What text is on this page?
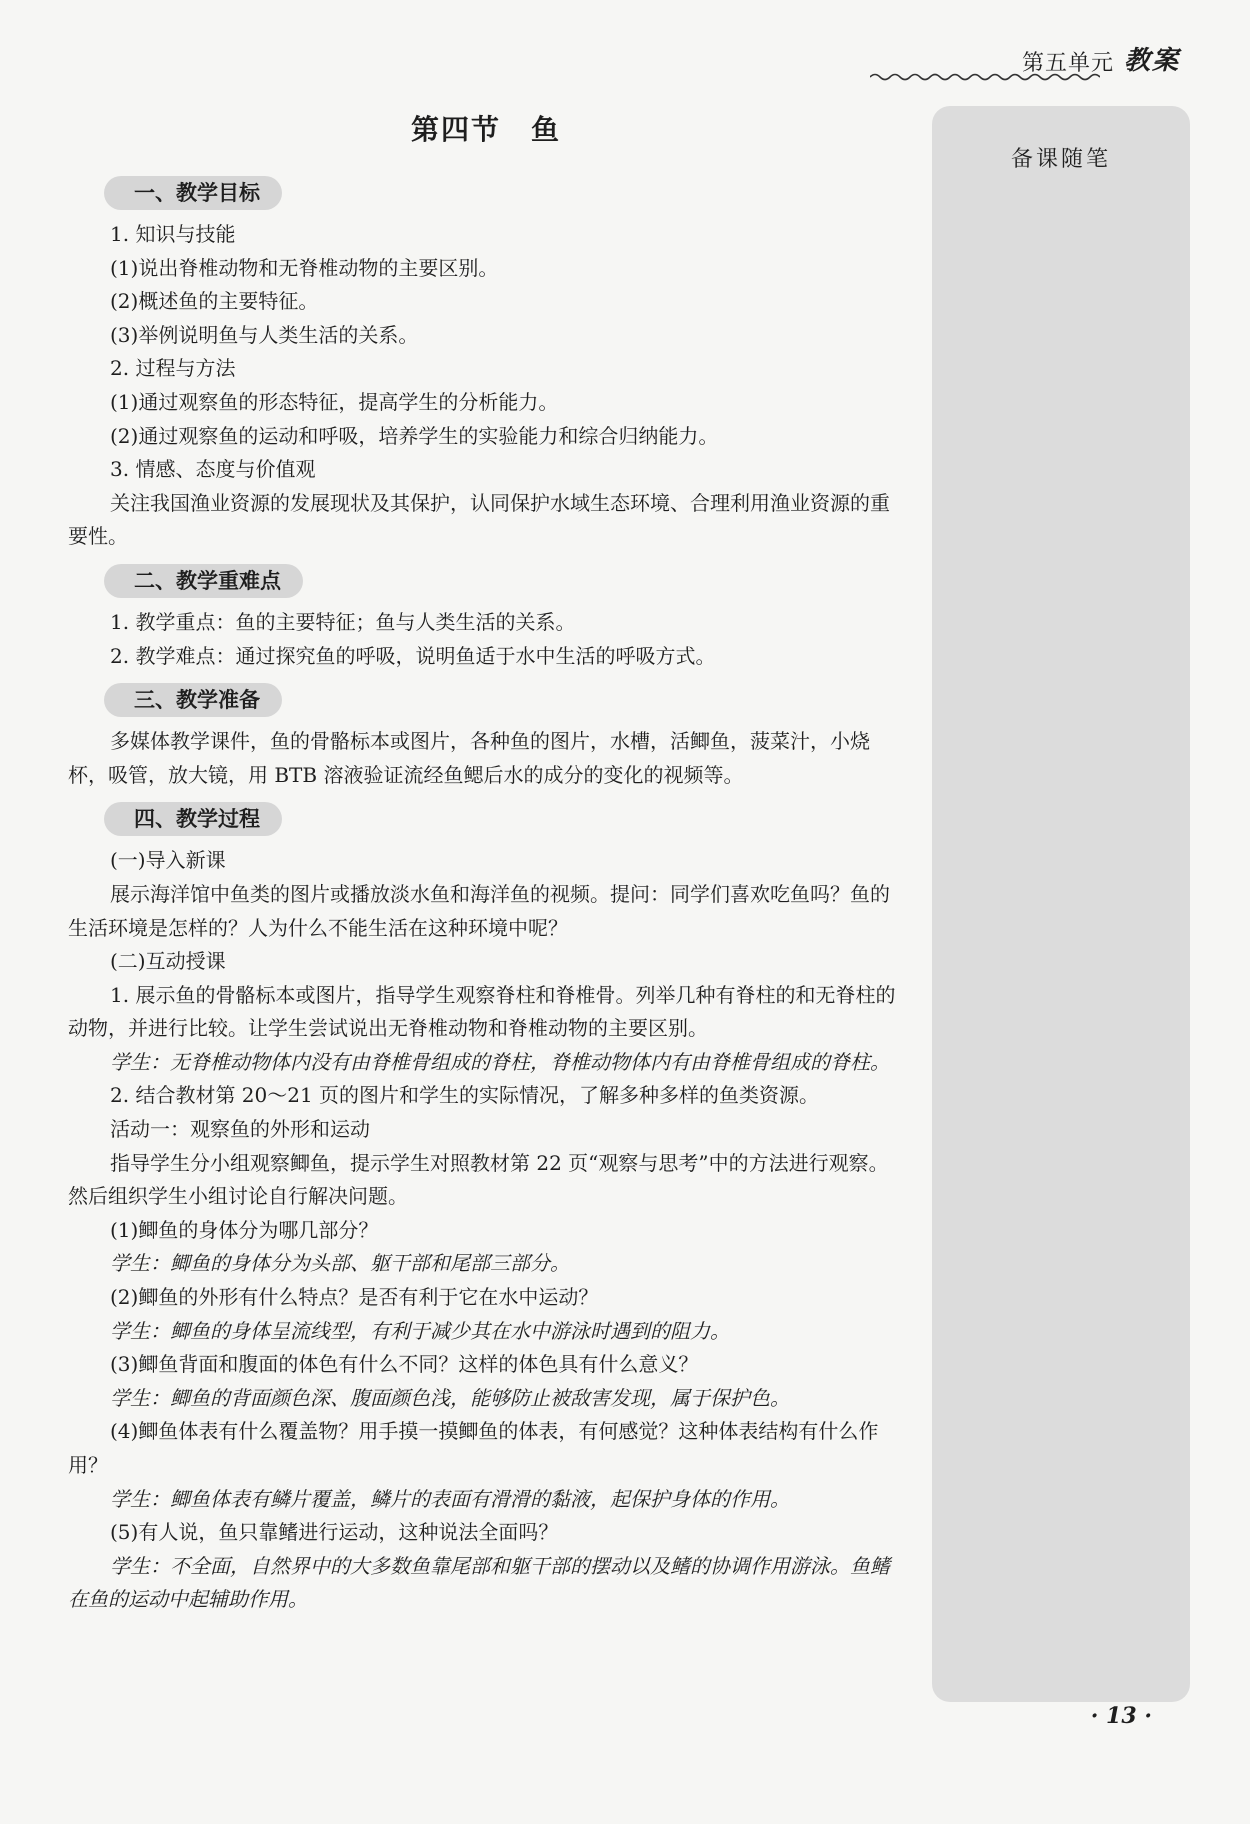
第五单元 教案
备课随笔
第四节　鱼
一、教学目标

1. 知识与技能

(1)说出脊椎动物和无脊椎动物的主要区别。

(2)概述鱼的主要特征。

(3)举例说明鱼与人类生活的关系。

2. 过程与方法

(1)通过观察鱼的形态特征，提高学生的分析能力。

(2)通过观察鱼的运动和呼吸，培养学生的实验能力和综合归纳能力。

3. 情感、态度与价值观

关注我国渔业资源的发展现状及其保护，认同保护水域生态环境、合理利用渔业资源的重要性。

二、教学重难点

1. 教学重点：鱼的主要特征；鱼与人类生活的关系。

2. 教学难点：通过探究鱼的呼吸，说明鱼适于水中生活的呼吸方式。

三、教学准备

多媒体教学课件，鱼的骨骼标本或图片，各种鱼的图片，水槽，活鲫鱼，菠菜汁，小烧杯，吸管，放大镜，用 BTB 溶液验证流经鱼鳃后水的成分的变化的视频等。

四、教学过程

(一)导入新课

展示海洋馆中鱼类的图片或播放淡水鱼和海洋鱼的视频。提问：同学们喜欢吃鱼吗？鱼的生活环境是怎样的？人为什么不能生活在这种环境中呢？

(二)互动授课

1. 展示鱼的骨骼标本或图片，指导学生观察脊柱和脊椎骨。列举几种有脊柱的和无脊柱的动物，并进行比较。让学生尝试说出无脊椎动物和脊椎动物的主要区别。

学生：无脊椎动物体内没有由脊椎骨组成的脊柱，脊椎动物体内有由脊椎骨组成的脊柱。

2. 结合教材第 20～21 页的图片和学生的实际情况，了解多种多样的鱼类资源。

活动一：观察鱼的外形和运动

指导学生分小组观察鲫鱼，提示学生对照教材第 22 页“观察与思考”中的方法进行观察。然后组织学生小组讨论自行解决问题。

(1)鲫鱼的身体分为哪几部分？

学生：鲫鱼的身体分为头部、躯干部和尾部三部分。

(2)鲫鱼的外形有什么特点？是否有利于它在水中运动？

学生：鲫鱼的身体呈流线型，有利于减少其在水中游泳时遇到的阻力。

(3)鲫鱼背面和腹面的体色有什么不同？这样的体色具有什么意义？

学生：鲫鱼的背面颜色深、腹面颜色浅，能够防止被敌害发现，属于保护色。

(4)鲫鱼体表有什么覆盖物？用手摸一摸鲫鱼的体表，有何感觉？这种体表结构有什么作用？

学生：鲫鱼体表有鳞片覆盖，鳞片的表面有滑滑的黏液，起保护身体的作用。

(5)有人说，鱼只靠鳍进行运动，这种说法全面吗？

学生：不全面，自然界中的大多数鱼靠尾部和躯干部的摆动以及鳍的协调作用游泳。鱼鳍在鱼的运动中起辅助作用。

· 13 ·
